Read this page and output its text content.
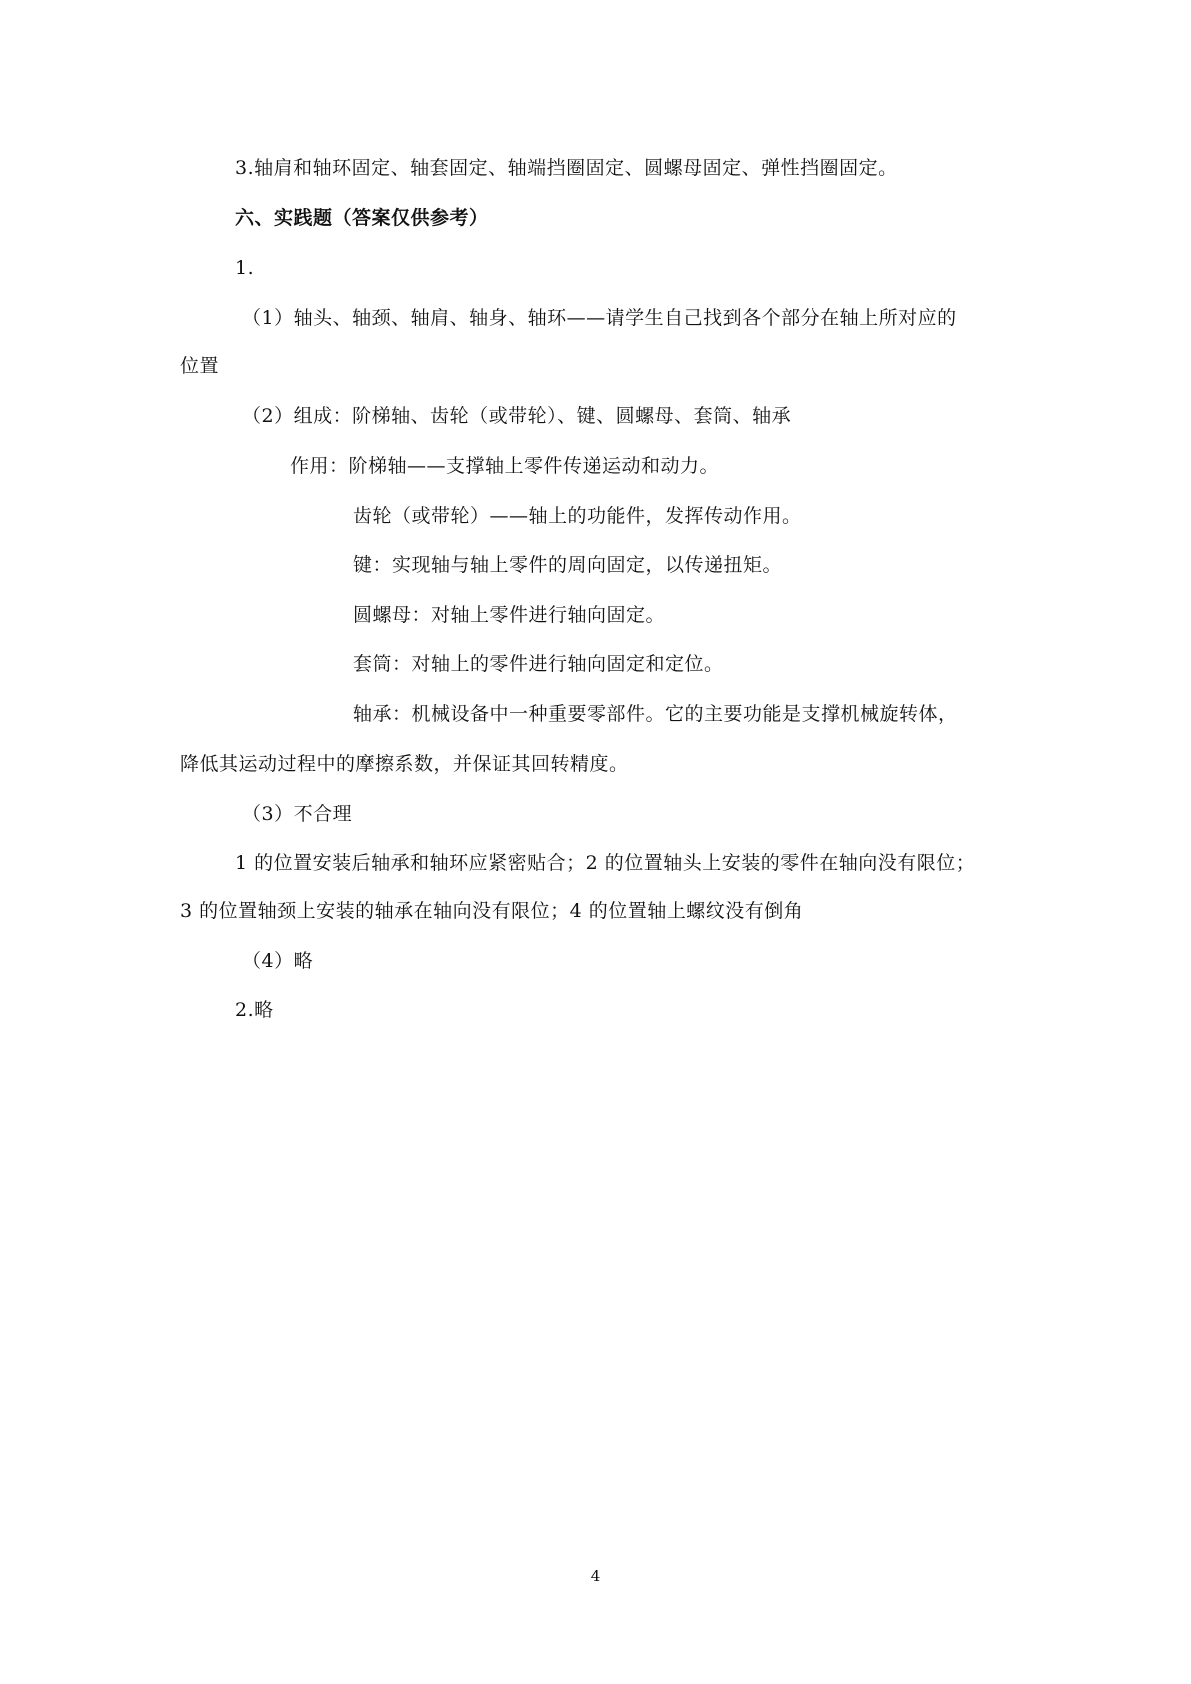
3.轴肩和轴环固定、轴套固定、轴端挡圈固定、圆螺母固定、弹性挡圈固定。
六、实践题（答案仅供参考）
1.
（1）轴头、轴颈、轴肩、轴身、轴环——请学生自己找到各个部分在轴上所对应的
位置
（2）组成：阶梯轴、齿轮（或带轮）、键、圆螺母、套筒、轴承
作用：阶梯轴——支撑轴上零件传递运动和动力。
齿轮（或带轮）——轴上的功能件，发挥传动作用。
键：实现轴与轴上零件的周向固定，以传递扭矩。
圆螺母：对轴上零件进行轴向固定。
套筒：对轴上的零件进行轴向固定和定位。
轴承：机械设备中一种重要零部件。它的主要功能是支撑机械旋转体，
降低其运动过程中的摩擦系数，并保证其回转精度。
（3）不合理
1 的位置安装后轴承和轴环应紧密贴合；2 的位置轴头上安装的零件在轴向没有限位；
3 的位置轴颈上安装的轴承在轴向没有限位；4 的位置轴上螺纹没有倒角
（4）略
2.略
4
